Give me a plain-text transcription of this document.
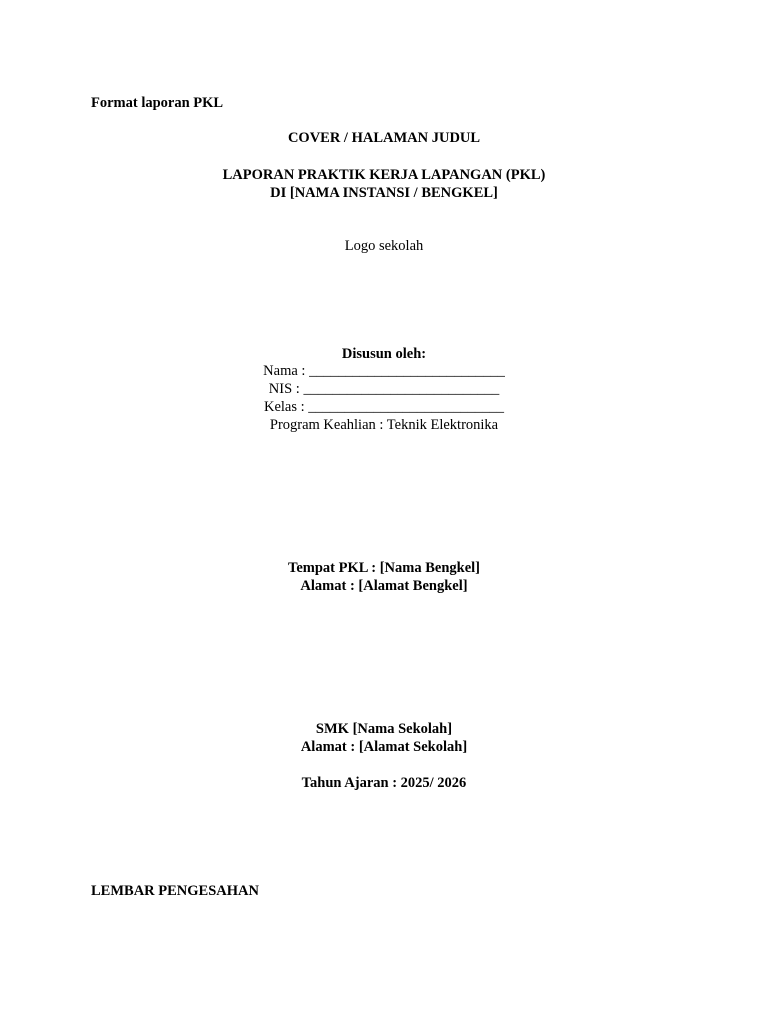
Format laporan PKL
COVER / HALAMAN JUDUL
LAPORAN PRAKTIK KERJA LAPANGAN (PKL)
DI [NAMA INSTANSI / BENGKEL]
Logo sekolah
Disusun oleh:
Nama : ___________________________
NIS : ___________________________
Kelas : ___________________________
Program Keahlian : Teknik Elektronika
Tempat PKL : [Nama Bengkel]
Alamat : [Alamat Bengkel]
SMK [Nama Sekolah]
Alamat : [Alamat Sekolah]
Tahun Ajaran : 2025/ 2026
LEMBAR PENGESAHAN
